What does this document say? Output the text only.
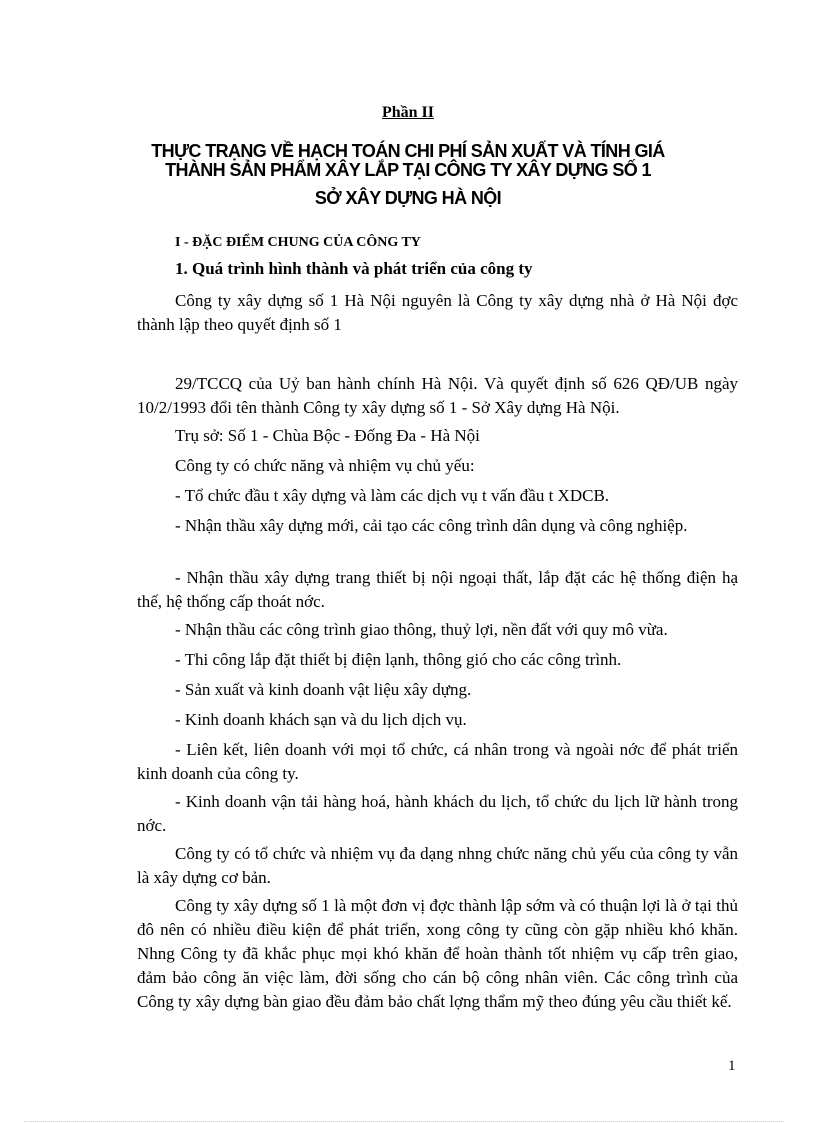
Phần II
THỰC TRẠNG VỀ HẠCH TOÁN CHI PHÍ SẢN XUẤT VÀ TÍNH GIÁ
THÀNH SẢN PHẨM XÂY LẮP TẠI CÔNG TY XÂY DỰNG SỐ 1
SỞ XÂY DỰNG HÀ NỘI
I - ĐẶC ĐIỂM CHUNG CỦA CÔNG TY
1. Quá trình hình thành và phát triển của công ty

Công ty xây dựng số 1 Hà Nội nguyên là Công ty xây dựng nhà ở Hà Nội đợc thành lập theo quyết định số 1

29/TCCQ của Uỷ ban hành chính Hà Nội. Và quyết định số 626 QĐ/UB ngày 10/2/1993 đổi tên thành Công ty xây dựng số 1 - Sở Xây dựng Hà Nội.

Trụ sở: Số 1 - Chùa Bộc - Đống Đa - Hà Nội

Công ty có chức năng và nhiệm vụ chủ yếu:

- Tổ chức đầu t xây dựng và làm các dịch vụ t vấn đầu t XDCB.

- Nhận thầu xây dựng mới, cải tạo các công trình dân dụng và công nghiệp.

- Nhận thầu xây dựng trang thiết bị nội ngoại thất, lắp đặt các hệ thống điện hạ thế, hệ thống cấp thoát nớc.

- Nhận thầu các công trình giao thông, thuỷ lợi, nền đất với quy mô vừa.

- Thi công lắp đặt thiết bị điện lạnh, thông gió cho các công trình.

- Sản xuất và kinh doanh vật liệu xây dựng.

- Kinh doanh khách sạn và du lịch dịch vụ.

- Liên kết, liên doanh với mọi tổ chức, cá nhân trong và ngoài nớc để phát triển kinh doanh của công ty.

- Kinh doanh vận tải hàng hoá, hành khách du lịch, tổ chức du lịch lữ hành trong nớc.

Công ty có tổ chức và nhiệm vụ đa dạng nhng chức năng chủ yếu của công ty vẫn là xây dựng cơ bản.

Công ty xây dựng số 1 là một đơn vị đợc thành lập sớm và có thuận lợi là ở tại thủ đô nên có nhiều điều kiện để phát triển, xong công ty cũng còn gặp nhiều khó khăn. Nhng Công ty đã khắc phục mọi khó khăn để hoàn thành tốt nhiệm vụ cấp trên giao, đảm bảo công ăn việc làm, đời sống cho cán bộ công nhân viên. Các công trình của Công ty xây dựng bàn giao đều đảm bảo chất lợng thẩm mỹ theo đúng yêu cầu thiết kế.

1
